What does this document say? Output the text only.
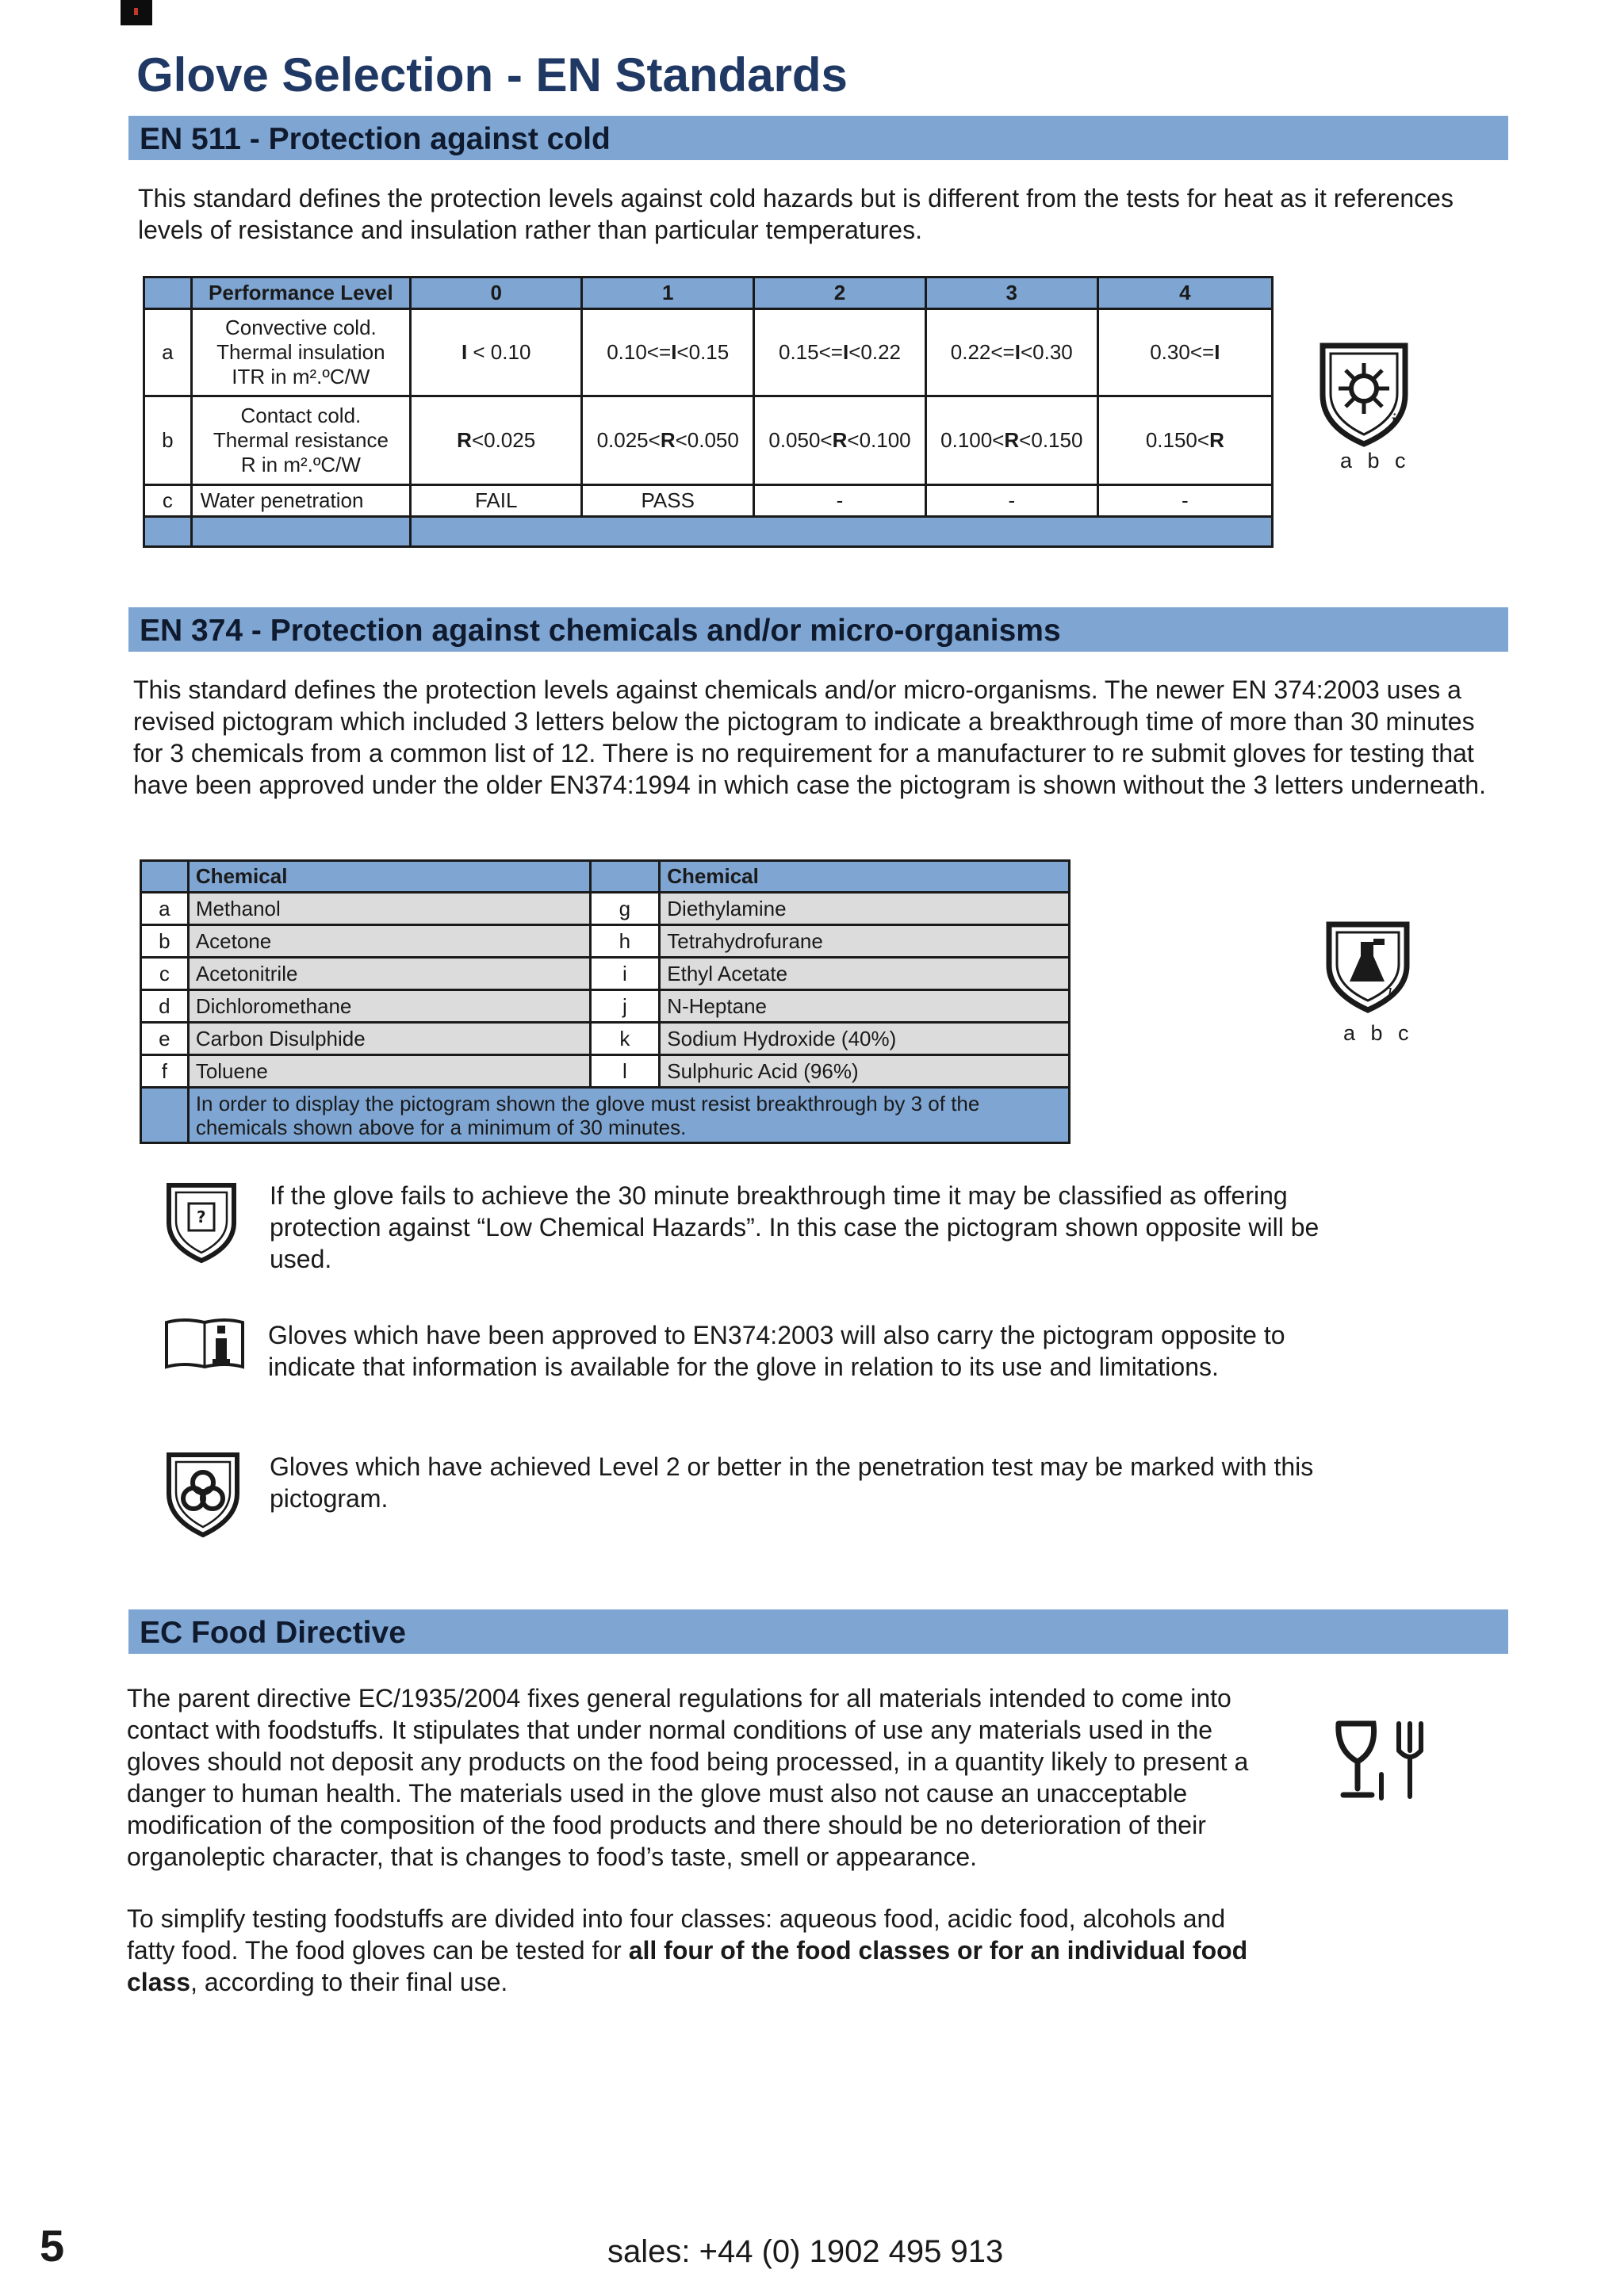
Glove Selection - EN Standards
EN 511 - Protection against cold

This standard defines the protection levels against cold hazards but is different from the tests for heat as it references levels of resistance and insulation rather than particular temperatures.

	Performance Level	0	1	2	3	4
a	Convective cold.
Thermal insulation
ITR in m².ºC/W	I < 0.10	0.10<=I<0.15	0.15<=I<0.22	0.22<=I<0.30	0.30<=I
b	Contact cold.
Thermal resistance
R in m².ºC/W	R<0.025	0.025<R<0.050	0.050<R<0.100	0.100<R<0.150	0.150<R
c	Water penetration	FAIL	PASS	-	-	-

i
a b c
EN 374 - Protection against chemicals and/or micro-organisms

This standard defines the protection levels against chemicals and/or micro-organisms. The newer EN 374:2003 uses a revised pictogram which included 3 letters below the pictogram to indicate a breakthrough time of more than 30 minutes for 3 chemicals from a common list of 12. There is no requirement for a manufacturer to re submit gloves for testing that have been approved under the older EN374:1994 in which case the pictogram is shown without the 3 letters underneath.

	Chemical		Chemical
a	Methanol	g	Diethylamine
b	Acetone	h	Tetrahydrofurane
c	Acetonitrile	i	Ethyl Acetate
d	Dichloromethane	j	N-Heptane
e	Carbon Disulphide	k	Sodium Hydroxide (40%)
f	Toluene	l	Sulphuric Acid (96%)
	In order to display the pictogram shown the glove must resist breakthrough by 3 of the chemicals shown above for a minimum of 30 minutes.		
i
a b c
?

If the glove fails to achieve the 30 minute breakthrough time it may be classified as offering protection against “Low Chemical Hazards”. In this case the pictogram shown opposite will be used.

Gloves which have been approved to EN374:2003 will also carry the pictogram opposite to indicate that information is available for the glove in relation to its use and limitations.

Gloves which have achieved Level 2 or better in the penetration test may be marked with this pictogram.

EC Food Directive

The parent directive EC/1935/2004 fixes general regulations for all materials intended to come into contact with foodstuffs. It stipulates that under normal conditions of use any materials used in the gloves should not deposit any products on the food being processed, in a quantity likely to present a danger to human health. The materials used in the glove must also not cause an unacceptable modification of the composition of the food products and there should be no deterioration of their organoleptic character, that is changes to food’s taste, smell or appearance.

To simplify testing foodstuffs are divided into four classes: aqueous food, acidic food, alcohols and fatty food. The food gloves can be tested for all four of the food classes or for an individual food class, according to their final use.

5	sales: +44 (0) 1902 495 913
